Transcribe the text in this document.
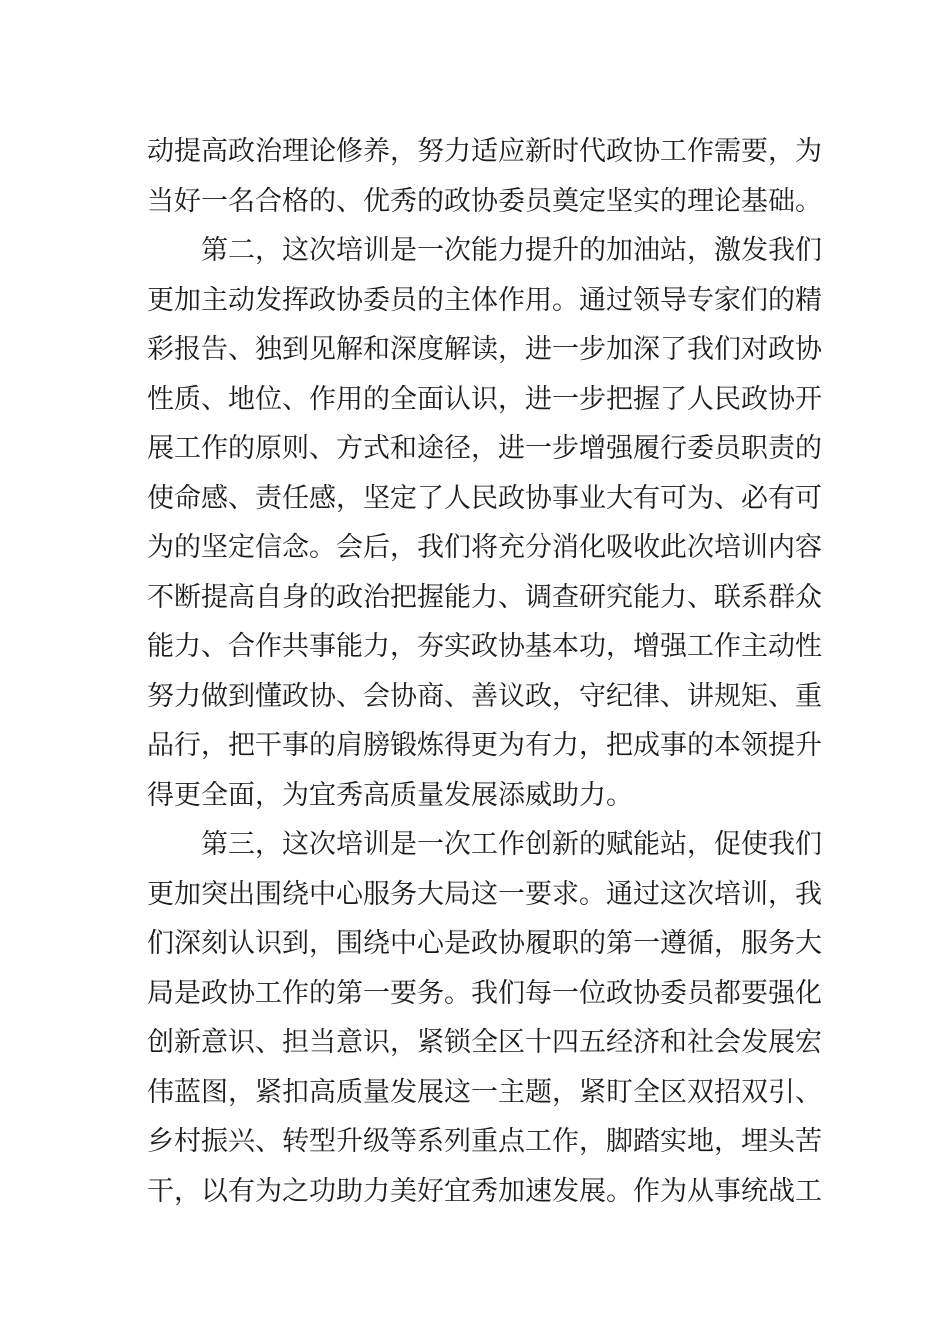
动提高政治理论修养，努力适应新时代政协工作需要，为
当好一名合格的、优秀的政协委员奠定坚实的理论基础。
第二，这次培训是一次能力提升的加油站，激发我们
更加主动发挥政协委员的主体作用。通过领导专家们的精
彩报告、独到见解和深度解读，进一步加深了我们对政协
性质、地位、作用的全面认识，进一步把握了人民政协开
展工作的原则、方式和途径，进一步增强履行委员职责的
使命感、责任感，坚定了人民政协事业大有可为、必有可
为的坚定信念。会后，我们将充分消化吸收此次培训内容
不断提高自身的政治把握能力、调查研究能力、联系群众
能力、合作共事能力，夯实政协基本功，增强工作主动性
努力做到懂政协、会协商、善议政，守纪律、讲规矩、重
品行，把干事的肩膀锻炼得更为有力，把成事的本领提升
得更全面，为宜秀高质量发展添威助力。
第三，这次培训是一次工作创新的赋能站，促使我们
更加突出围绕中心服务大局这一要求。通过这次培训，我
们深刻认识到，围绕中心是政协履职的第一遵循，服务大
局是政协工作的第一要务。我们每一位政协委员都要强化
创新意识、担当意识，紧锁全区十四五经济和社会发展宏
伟蓝图，紧扣高质量发展这一主题，紧盯全区双招双引、
乡村振兴、转型升级等系列重点工作，脚踏实地，埋头苦
干，以有为之功助力美好宜秀加速发展。作为从事统战工
